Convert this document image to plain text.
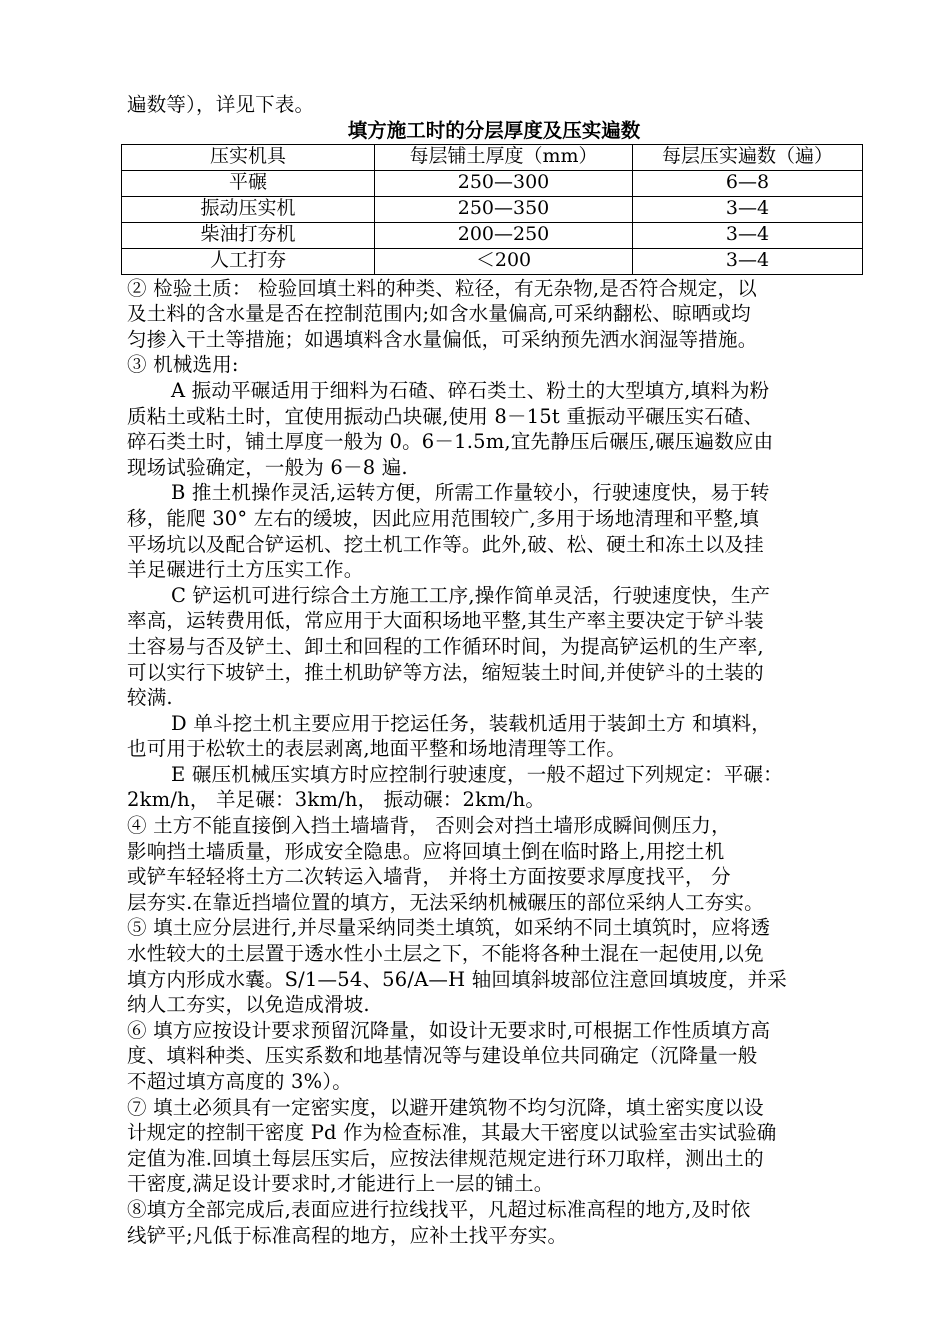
遍数等），详见下表。
填方施工时的分层厚度及压实遍数
压实机具	每层铺土厚度（mm）	每层压实遍数（遍）
平碾	250—300	6—8
振动压实机	250—350	3—4
柴油打夯机	200—250	3—4
人工打夯	＜200	3—4
② 检验土质： 检验回填土料的种类、粒径，有无杂物,是否符合规定，以
及土料的含水量是否在控制范围内;如含水量偏高,可采纳翻松、晾晒或均
匀掺入干土等措施；如遇填料含水量偏低，可采纳预先洒水润湿等措施。
③ 机械选用:
A 振动平碾适用于细料为石碴、碎石类土、粉土的大型填方,填料为粉
质粘土或粘土时，宜使用振动凸块碾,使用 8－15t 重振动平碾压实石碴、
碎石类土时，铺土厚度一般为 0。6－1.5m,宜先静压后碾压,碾压遍数应由
现场试验确定，一般为 6－8 遍.
B 推土机操作灵活,运转方便，所需工作量较小，行驶速度快，易于转
移，能爬 30° 左右的缓坡，因此应用范围较广,多用于场地清理和平整,填
平场坑以及配合铲运机、挖土机工作等。此外,破、松、硬土和冻土以及挂
羊足碾进行土方压实工作。
C 铲运机可进行综合土方施工工序,操作简单灵活，行驶速度快，生产
率高，运转费用低，常应用于大面积场地平整,其生产率主要决定于铲斗装
土容易与否及铲土、卸土和回程的工作循环时间，为提高铲运机的生产率,
可以实行下坡铲土，推土机助铲等方法，缩短装土时间,并使铲斗的土装的
较满.
D 单斗挖土机主要应用于挖运任务，装载机适用于装卸土方 和填料，
也可用于松软土的表层剥离,地面平整和场地清理等工作。
E 碾压机械压实填方时应控制行驶速度，一般不超过下列规定：平碾：
2km/h， 羊足碾：3km/h， 振动碾：2km/h。
④ 土方不能直接倒入挡土墙墙背， 否则会对挡土墙形成瞬间侧压力，
影响挡土墙质量，形成安全隐患。应将回填土倒在临时路上,用挖土机
或铲车轻轻将土方二次转运入墙背， 并将土方面按要求厚度找平， 分
层夯实.在靠近挡墙位置的填方，无法采纳机械碾压的部位采纳人工夯实。
⑤ 填土应分层进行,并尽量采纳同类土填筑，如采纳不同土填筑时，应将透
水性较大的土层置于透水性小土层之下，不能将各种土混在一起使用,以免
填方内形成水囊。S/1—54、56/A—H 轴回填斜坡部位注意回填坡度，并采
纳人工夯实，以免造成滑坡.
⑥ 填方应按设计要求预留沉降量，如设计无要求时,可根据工作性质填方高
度、填料种类、压实系数和地基情况等与建设单位共同确定（沉降量一般
不超过填方高度的 3%）。
⑦ 填土必须具有一定密实度，以避开建筑物不均匀沉降，填土密实度以设
计规定的控制干密度 Pd 作为检查标准，其最大干密度以试验室击实试验确
定值为准.回填土每层压实后，应按法律规范规定进行环刀取样，测出土的
干密度,满足设计要求时,才能进行上一层的铺土。
⑧填方全部完成后,表面应进行拉线找平，凡超过标准高程的地方,及时依
线铲平;凡低于标准高程的地方，应补土找平夯实。
